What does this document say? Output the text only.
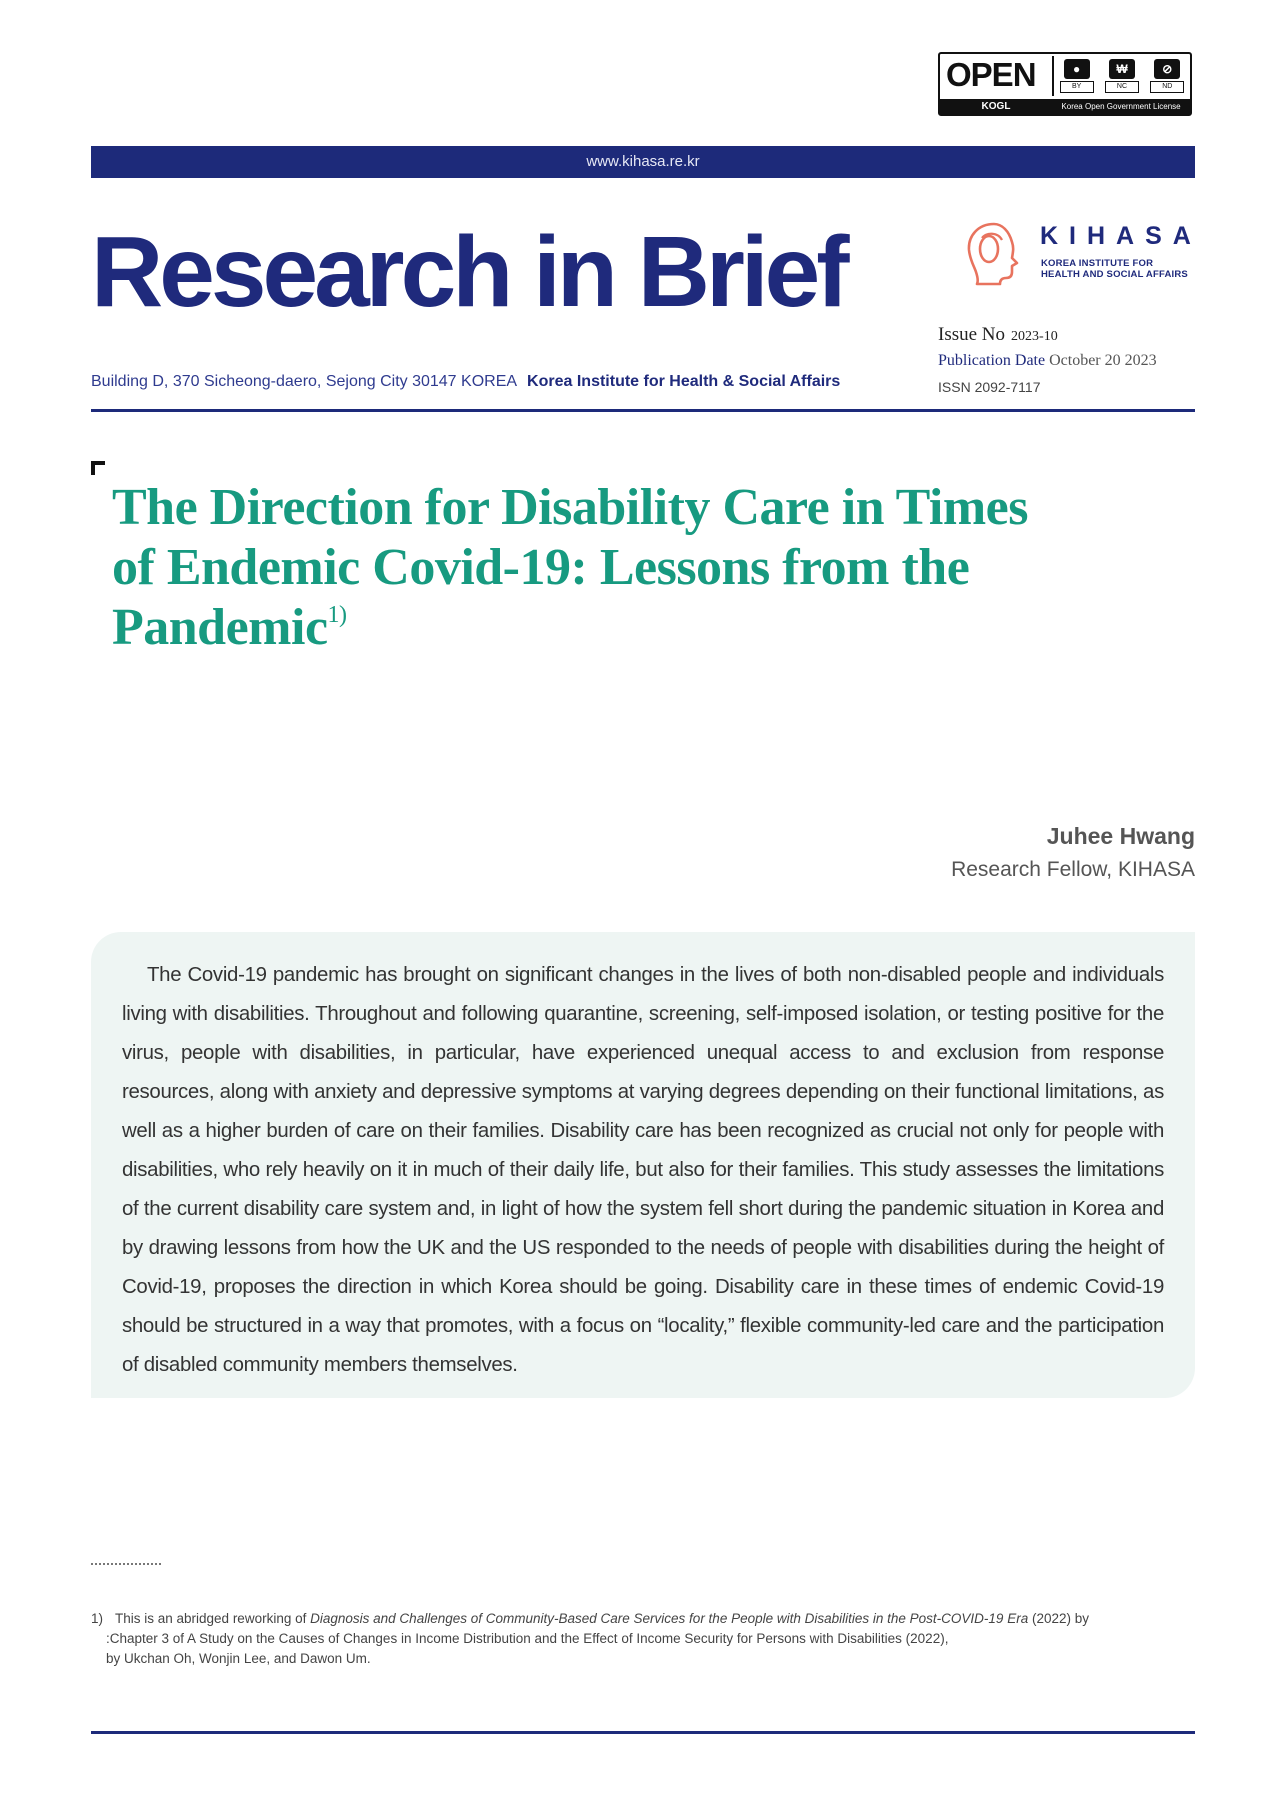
OPEN	●
BY
₩
NC
⊘
ND
KOGL	Korea Open Government License
www.kihasa.re.kr
Research in Brief	KIHASA
KOREA INSTITUTE FOR
HEALTH AND SOCIAL AFFAIRS
Issue No 2023-10
Publication Date October 20 2023
ISSN 2092-7117
Building D, 370 Sicheong-daero, Sejong City 30147 KOREA Korea Institute for Health & Social Affairs
The Direction for Disability Care in Times
of Endemic Covid-19: Lessons from the
Pandemic$^{1)}$
Juhee Hwang
Research Fellow, KIHASA

The Covid-19 pandemic has brought on significant changes in the lives of both non-disabled people and individuals living with disabilities. Throughout and following quarantine, screening, self-imposed isolation, or testing positive for the virus, people with disabilities, in particular, have experienced unequal access to and exclusion from response resources, along with anxiety and depressive symptoms at varying degrees depending on their functional limitations, as well as a higher burden of care on their families. Disability care has been recognized as crucial not only for people with disabilities, who rely heavily on it in much of their daily life, but also for their families. This study assesses the limitations of the current disability care system and, in light of how the system fell short during the pandemic situation in Korea and by drawing lessons from how the UK and the US responded to the needs of people with disabilities during the height of Covid-19, proposes the direction in which Korea should be going. Disability care in these times of endemic Covid-19 should be structured in a way that promotes, with a focus on “locality,” flexible community-led care and the participation of disabled community members themselves.

1) This is an abridged reworking of Diagnosis and Challenges of Community-Based Care Services for the People with Disabilities in the Post-COVID-19 Era (2022) by
:Chapter 3 of A Study on the Causes of Changes in Income Distribution and the Effect of Income Security for Persons with Disabilities (2022),
by Ukchan Oh, Wonjin Lee, and Dawon Um.
